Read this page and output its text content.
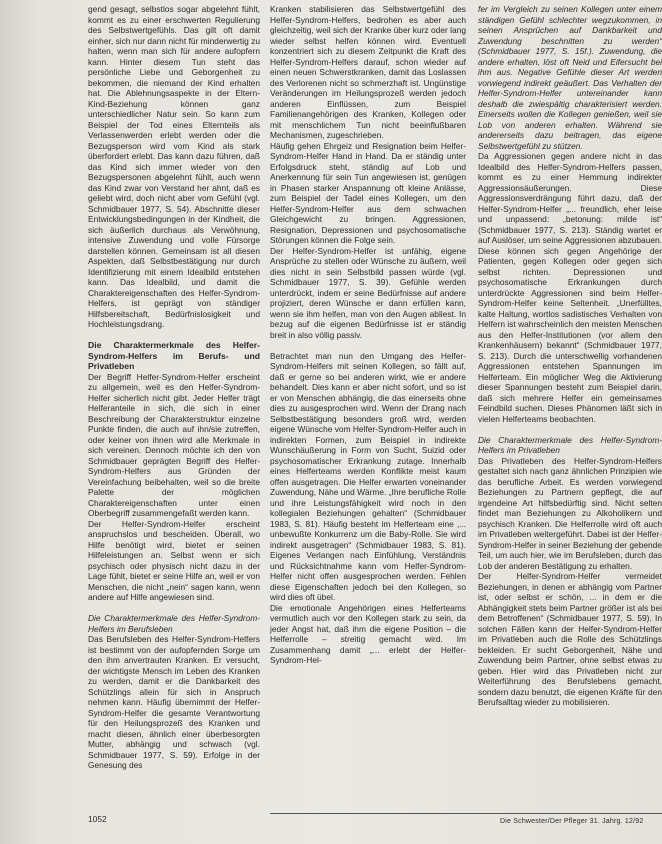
gend gesagt, selbstlos sogar abgelehnt fühlt, kommt es zu einer erschwerten Regulierung des Selbstwertgefühls. Das gilt oft damit einher, sich nur dann nicht für minderwertig zu halten, wenn man sich für andere aufopfern kann. Hinter diesem Tun steht das persönliche Liebe und Geborgenheit zu bekommen, die niemand der Kind erhalten hat. Die Ablehnungsaspekte in der Eltern-Kind-Beziehung können ganz unterschiedlicher Natur sein. So kann zum Beispiel der Tod eines Elternteils als Verlassenwerden erlebt werden oder die Bezugsperson wird vom Kind als stark überfordert erlebt. Das kann dazu führen, daß das Kind sich immer wieder von den Bezugspersonen abgelehnt fühlt, auch wenn das Kind zwar von Verstand her ahnt, daß es geliebt wird, doch nicht aber vom Gefühl (vgl. Schmidbauer 1977, S. 54). Abschnitte dieser Entwicklungsbedingungen in der Kindheit, die sich äußerlich durchaus als Verwöhnung, intensive Zuwendung und volle Fürsorge darstellen können. Gemeinsam ist all diesen Aspekten, daß Selbstbestätigung nur durch Identifizierung mit einem Idealbild entstehen kann. Das Idealbild, und damit die Charaktereigenschaften des Helfer-Syndrom-Helfers, ist geprägt von ständiger Hilfsbereitschaft, Bedürfnislosigkeit und Hochleistungsdrang.

Die Charaktermerkmale des Helfer-Syndrom-Helfers im Berufs- und Privatleben

Der Begriff Helfer-Syndrom-Helfer erscheint zu allgemein, weil es den Helfer-Syndrom-Helfer sicherlich nicht gibt. Jeder Helfer trägt Helferanteile in sich, die sich in einer Beschreibung der Charakterstruktur einzelne Punkte finden, die auch auf ihn/sie zutreffen, oder keiner von ihnen wird alle Merkmale in sich vereinen. Dennoch möchte ich den von Schmidbauer geprägten Begriff des Helfer-Syndrom-Helfers aus Gründen der Vereinfachung beibehalten, weil so die breite Palette der möglichen Charaktereigenschaften unter einen Oberbegriff zusammengefaßt werden kann.

Der Helfer-Syndrom-Helfer erscheint anspruchslos und bescheiden. Überall, wo Hilfe benötigt wird, bietet er seinen Hilfeleistungen an. Selbst wenn er sich psychisch oder physisch nicht dazu in der Lage fühlt, bietet er seine Hilfe an, weil er von Menschen, die nicht „nein“ sagen kann, wenn andere auf Hilfe angewiesen sind.

Die Charaktermerkmale des Helfer-Syndrom-Helfers im Berufsleben

Das Berufsleben des Helfer-Syndrom-Helfers ist bestimmt von der aufopfernden Sorge um den ihm anvertrauten Kranken. Er versucht, der wichtigste Mensch im Leben des Kranken zu werden, damit er die Dankbarkeit des Schützlings allein für sich in Anspruch nehmen kann. Häufig übernimmt der Helfer-Syndrom-Helfer die gesamte Verantwortung für den Heilungsprozeß des Kranken und macht diesen, ähnlich einer überbesorgten Mutter, abhängig und schwach (vgl. Schmidbauer 1977, S. 59). Erfolge in der Genesung des

Kranken stabilisieren das Selbstwertgefühl des Helfer-Syndrom-Helfers, bedrohen es aber auch gleichzeitig, weil sich der Kranke über kurz oder lang wieder selbst helfen können wird. Eventuell konzentriert sich zu diesem Zeitpunkt die Kraft des Helfer-Syndrom-Helfers darauf, schon wieder auf einen neuen Schwerstkranken, damit das Loslassen des Verlorenen nicht so schmerzhaft ist. Ungünstige Veränderungen im Heilungsprozeß werden jedoch anderen Einflüssen, zum Beispiel Familienangehörigen des Kranken, Kollegen oder mit menschlichem Tun nicht beeinflußbaren Mechanismen, zugeschrieben.

Häufig gehen Ehrgeiz und Resignation beim Helfer-Syndrom-Helfer Hand in Hand. Da er ständig unter Erfolgsdruck steht, ständig auf Lob und Anerkennung für sein Tun angewiesen ist, genügen in Phasen starker Anspannung oft kleine Anlässe, zum Beispiel der Tadel eines Kollegen, um den Helfer-Syndrom-Helfer aus dem schwachen Gleichgewicht zu bringen. Aggressionen, Resignation, Depressionen und psychosomatische Störungen können die Folge sein.

Der Helfer-Syndrom-Helfer ist unfähig, eigene Ansprüche zu stellen oder Wünsche zu äußern, weil dies nicht in sein Selbstbild passen würde (vgl. Schmidbauer 1977, S. 39). Gefühle werden unterdrückt, indem er seine Bedürfnisse auf andere projiziert, deren Wünsche er dann erfüllen kann, wenn sie ihm helfen, man von den Augen abliest. In bezug auf die eigenen Bedürfnisse ist er ständig breit in also völlig passiv.

Betrachtet man nun den Umgang des Helfer-Syndrom-Helfers mit seinen Kollegen, so fällt auf, daß er gerne so bei anderen wirkt, wie er andere behandelt. Dies kann er aber nicht sofort, und so ist er von Menschen abhängig, die das einerseits ohne dies zu ausgesprochen wird. Wenn der Drang nach Selbstbestätigung besonders groß wird, werden eigene Wünsche vom Helfer-Syndrom-Helfer auch in indirekten Formen, zum Beispiel in indirekte Wunschäußerung in Form von Sucht, Suizid oder psychosomatischer Erkrankung zutage. Innerhalb eines Helferteams werden Konflikte meist kaum offen ausgetragen. Die Helfer erwarten voneinander Zuwendung, Nähe und Wärme. „Ihre berufliche Rolle und ihre Leistungsfähigkeit wird noch in den kollegialen Beziehungen gehalten“ (Schmidbauer 1983, S. 81). Häufig besteht im Helferteam eine ‚... unbewußte Konkurrenz um die Baby-Rolle. Sie wird indirekt ausgetragen“ (Schmidbauer 1983, S. 81). Eigenes Verlangen nach Einfühlung, Verständnis und Rücksichtnahme kann vom Helfer-Syndrom-Helfer nicht offen ausgesprochen werden. Fehlen diese Eigenschaften jedoch bei den Kollegen, so wird dies oft übel.

Die emotionale Angehörigen eines Helferteams vermutlich auch vor den Kollegen stark zu sein, da jeder Angst hat, daß ihm die eigene Position – die Helferrolle – streitig gemacht wird. Im Zusammenhang damit „... erlebt der Helfer-Syndrom-Hel-

fer im Vergleich zu seinen Kollegen unter einem ständigen Gefühl schlechter wegzukommen, in seinen Ansprüchen auf Dankbarkeit und Zuwendung beschnitten zu werden“ (Schmidbauer 1977, S. 15f.). Zuwendung, die andere erhalten, löst oft Neid und Eifersucht bei ihm aus. Negative Gefühle dieser Art werden vorwiegend indirekt geäußert. Das Verhalten der Helfer-Syndrom-Helfer untereinander kann deshalb die zwiespältig charakterisiert werden. Einerseits wollen die Kollegen genießen, weil sie Lob von anderen erhalten. Während sie andererseits dazu beitragen, das eigene Selbstwertgefühl zu stützen.

Da Aggressionen gegen andere nicht in das Idealbild des Helfer-Syndrom-Helfers passen, kommt es zu einer Hemmung indirekter Aggressionsäußerungen. Diese Aggressionsverdrängung führt dazu, daß der Helfer-Syndrom-Helfer „... freundlich, eher leise und unpassend: „betonung: milde ist“ (Schmidbauer 1977, S. 213). Ständig wartet er auf Auslöser, um seine Aggressionen abzubauen. Diese können sich gegen Angehörige der Patienten, gegen Kollegen oder gegen sich selbst richten. Depressionen und psychosomatische Erkrankungen durch unterdrückte Aggressionen sind beim Helfer-Syndrom-Helfer keine Seltenheit. „Unerfülltes, kalte Haltung, wortlos sadistisches Verhalten von Helfern ist wahrscheinlich den meisten Menschen aus den Helfer-Institutionen (vor allem den Krankenhäusern) bekannt“ (Schmidbauer 1977, S. 213). Durch die unterschwellig vorhandenen Aggressionen entstehen Spannungen im Helferteam. Ein möglicher Weg die Aktivierung dieser Spannungen besteht zum Beispiel darin, daß sich mehrere Helfer ein gemeinsames Feindbild suchen. Dieses Phänomen läßt sich in vielen Helferteams beobachten.

Die Charaktermerkmale des Helfer-Syndrom-Helfers im Privatleben

Das Privatleben des Helfer-Syndrom-Helfers gestaltet sich nach ganz ähnlichen Prinzipien wie das berufliche Arbeit. Es werden vorwiegend Beziehungen zu Partnern gepflegt, die auf irgendeine Art hilfsbedürftig sind. Nicht selten findet man Beziehungen zu Alkoholikern und psychisch Kranken. Die Helferrolle wird oft auch im Privatleben weitergeführt. Dabei ist der Helfer-Syndrom-Helfer in seiner Beziehung der gebende Teil, um auch hier, wie im Berufsleben, durch das Lob der anderen Bestätigung zu erhalten.

Der Helfer-Syndrom-Helfer vermeidet Beziehungen, in denen er abhängig vom Partner ist, oder selbst er schön, ... in dem er die Abhängigkeit stets beim Partner größer ist als bei dem Betroffenen“ (Schmidbauer 1977, S. 59). In solchen Fällen kann der Helfer-Syndrom-Helfer im Privatleben auch die Rolle des Schützlings bekleiden. Er sucht Geborgenheit, Nähe und Zuwendung beim Partner, ohne selbst etwas zu geben. Hier wird das Privatleben nicht zur Weiterführung des Berufslebens gemacht, sondern dazu benutzt, die eigenen Kräfte für den Berufsalltag wieder zu mobilisieren.

1052	Die Schwester/Der Pfleger 31. Jahrg. 12/92
